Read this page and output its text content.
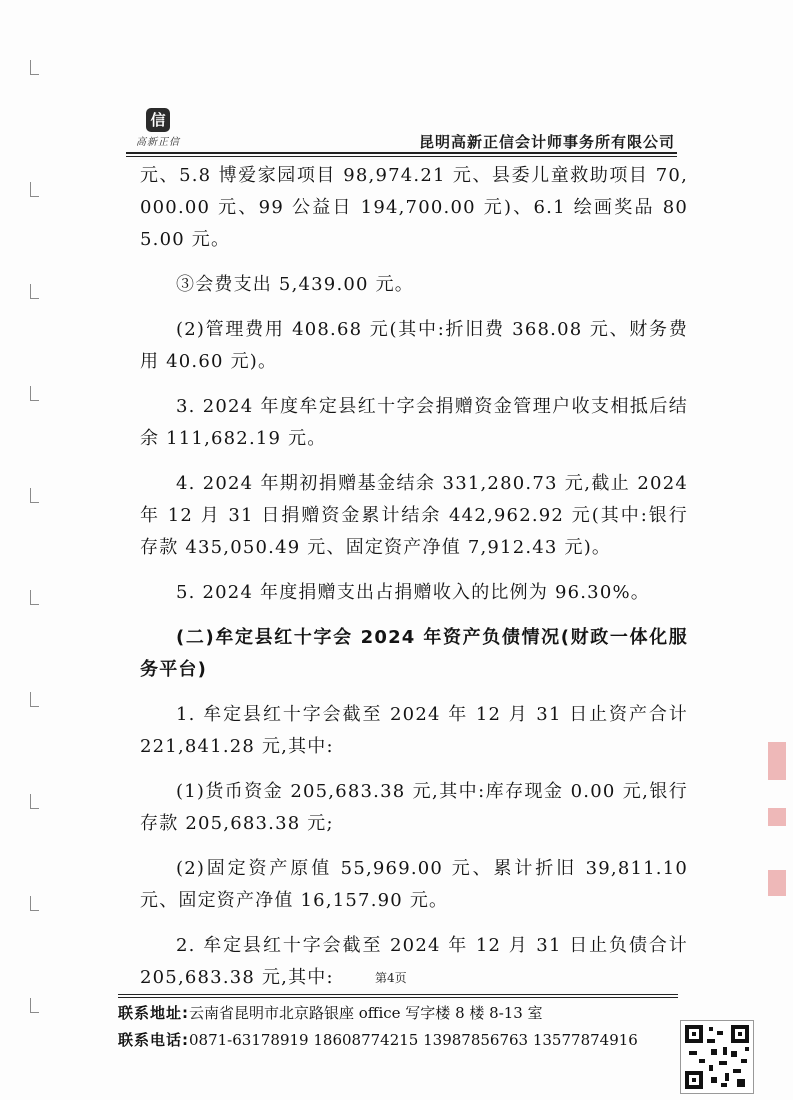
信
高新正信	昆明高新正信会计师事务所有限公司

元、5.8 博爱家园项目 98,974.21 元、县委儿童救助项目 70,000.00 元、99 公益日 194,700.00 元)、6.1 绘画奖品 805.00 元。

③会费支出 5,439.00 元。

(2)管理费用 408.68 元(其中:折旧费 368.08 元、财务费用 40.60 元)。

3. 2024 年度牟定县红十字会捐赠资金管理户收支相抵后结余 111,682.19 元。

4. 2024 年期初捐赠基金结余 331,280.73 元,截止 2024 年 12 月 31 日捐赠资金累计结余 442,962.92 元(其中:银行存款 435,050.49 元、固定资产净值 7,912.43 元)。

5. 2024 年度捐赠支出占捐赠收入的比例为 96.30%。

(二)牟定县红十字会 2024 年资产负债情况(财政一体化服务平台)

1. 牟定县红十字会截至 2024 年 12 月 31 日止资产合计 221,841.28 元,其中:

(1)货币资金 205,683.38 元,其中:库存现金 0.00 元,银行存款 205,683.38 元;

(2)固定资产原值 55,969.00 元、累计折旧 39,811.10 元、固定资产净值 16,157.90 元。

2. 牟定县红十字会截至 2024 年 12 月 31 日止负债合计 205,683.38 元,其中:	第4页
联系地址:云南省昆明市北京路银座 office 写字楼 8 楼 8-13 室
联系电话:0871-63178919 18608774215 13987856763 13577874916
